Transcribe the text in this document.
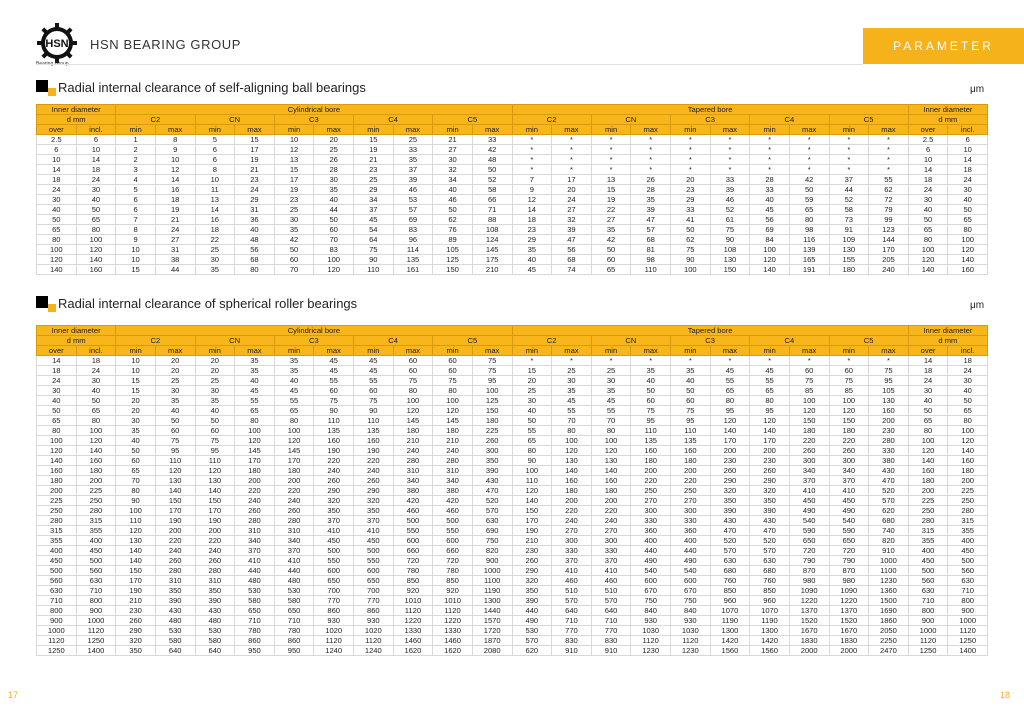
HSN HSN BEARING GROUP	PARAMETER
Radial internal clearance of self-aligning ball bearings	μm
Inner diameter		Cylindrical bore										Tapered bore										Inner diameter	
d mm		C2		CN		C3		C4		C5		C2		CN		C3		C4		C5		d mm	
over	incl.	min	max	min	max	min	max	min	max	min	max	min	max	min	max	min	max	min	max	min	max	over	incl.
2.5	6	1	8	5	15	10	20	15	25	21	33	*	*	*	*	*	*	*	*	*	*	2.5	6
6	10	2	9	6	17	12	25	19	33	27	42	*	*	*	*	*	*	*	*	*	*	6	10
10	14	2	10	6	19	13	26	21	35	30	48	*	*	*	*	*	*	*	*	*	*	10	14
14	18	3	12	8	21	15	28	23	37	32	50	*	*	*	*	*	*	*	*	*	*	14	18
18	24	4	14	10	23	17	30	25	39	34	52	7	17	13	26	20	33	28	42	37	55	18	24
24	30	5	16	11	24	19	35	29	46	40	58	9	20	15	28	23	39	33	50	44	62	24	30
30	40	6	18	13	29	23	40	34	53	46	66	12	24	19	35	29	46	40	59	52	72	30	40
40	50	6	19	14	31	25	44	37	57	50	71	14	27	22	39	33	52	45	65	58	79	40	50
50	65	7	21	16	36	30	50	45	69	62	88	18	32	27	47	41	61	56	80	73	99	50	65
65	80	8	24	18	40	35	60	54	83	76	108	23	39	35	57	50	75	69	98	91	123	65	80
80	100	9	27	22	48	42	70	64	96	89	124	29	47	42	68	62	90	84	116	109	144	80	100
100	120	10	31	25	56	50	83	75	114	105	145	35	56	50	81	75	108	100	139	130	170	100	120
120	140	10	38	30	68	60	100	90	135	125	175	40	68	60	98	90	130	120	165	155	205	120	140
140	160	15	44	35	80	70	120	110	161	150	210	45	74	65	110	100	150	140	191	180	240	140	160
Radial internal clearance of spherical roller bearings	μm
Inner diameter		Cylindrical bore										Tapered bore										Inner diameter	
d mm		C2		CN		C3		C4		C5		C2		CN		C3		C4		C5		d mm	
over	incl.	min	max	min	max	min	max	min	max	min	max	min	max	min	max	min	max	min	max	min	max	over	incl.
14	18	10	20	20	35	35	45	45	60	60	75	*	*	*	*	*	*	*	*	*	*	14	18
18	24	10	20	20	35	35	45	45	60	60	75	15	25	25	35	35	45	45	60	60	75	18	24
24	30	15	25	25	40	40	55	55	75	75	95	20	30	30	40	40	55	55	75	75	95	24	30
30	40	15	30	30	45	45	60	60	80	80	100	25	35	35	50	50	65	65	85	85	105	30	40
40	50	20	35	35	55	55	75	75	100	100	125	30	45	45	60	60	80	80	100	100	130	40	50
50	65	20	40	40	65	65	90	90	120	120	150	40	55	55	75	75	95	95	120	120	160	50	65
65	80	30	50	50	80	80	110	110	145	145	180	50	70	70	95	95	120	120	150	150	200	65	80
80	100	35	60	60	100	100	135	135	180	180	225	55	80	80	110	110	140	140	180	180	230	80	100
100	120	40	75	75	120	120	160	160	210	210	260	65	100	100	135	135	170	170	220	220	280	100	120
120	140	50	95	95	145	145	190	190	240	240	300	80	120	120	160	160	200	200	260	260	330	120	140
140	160	60	110	110	170	170	220	220	280	280	350	90	130	130	180	180	230	230	300	300	380	140	160
160	180	65	120	120	180	180	240	240	310	310	390	100	140	140	200	200	260	260	340	340	430	160	180
180	200	70	130	130	200	200	260	260	340	340	430	110	160	160	220	220	290	290	370	370	470	180	200
200	225	80	140	140	220	220	290	290	380	380	470	120	180	180	250	250	320	320	410	410	520	200	225
225	250	90	150	150	240	240	320	320	420	420	520	140	200	200	270	270	350	350	450	450	570	225	250
250	280	100	170	170	260	260	350	350	460	460	570	150	220	220	300	300	390	390	490	490	620	250	280
280	315	110	190	190	280	280	370	370	500	500	630	170	240	240	330	330	430	430	540	540	680	280	315
315	355	120	200	200	310	310	410	410	550	550	690	190	270	270	360	360	470	470	590	590	740	315	355
355	400	130	220	220	340	340	450	450	600	600	750	210	300	300	400	400	520	520	650	650	820	355	400
400	450	140	240	240	370	370	500	500	660	660	820	230	330	330	440	440	570	570	720	720	910	400	450
450	500	140	260	260	410	410	550	550	720	720	900	260	370	370	490	490	630	630	790	790	1000	450	500
500	560	150	280	280	440	440	600	600	780	780	1000	290	410	410	540	540	680	680	870	870	1100	500	560
560	630	170	310	310	480	480	650	650	850	850	1100	320	460	460	600	600	760	760	980	980	1230	560	630
630	710	190	350	350	530	530	700	700	920	920	1190	350	510	510	670	670	850	850	1090	1090	1360	630	710
710	800	210	390	390	580	580	770	770	1010	1010	1300	390	570	570	750	750	960	960	1220	1220	1500	710	800
800	900	230	430	430	650	650	860	860	1120	1120	1440	440	640	640	840	840	1070	1070	1370	1370	1690	800	900
900	1000	260	480	480	710	710	930	930	1220	1220	1570	490	710	710	930	930	1190	1190	1520	1520	1860	900	1000
1000	1120	290	530	530	780	780	1020	1020	1330	1330	1720	530	770	770	1030	1030	1300	1300	1670	1670	2050	1000	1120
1120	1250	320	580	580	860	860	1120	1120	1460	1460	1870	570	830	830	1120	1120	1420	1420	1830	1830	2250	1120	1250
1250	1400	350	640	640	950	950	1240	1240	1620	1620	2080	620	910	910	1230	1230	1560	1560	2000	2000	2470	1250	1400
17	18
